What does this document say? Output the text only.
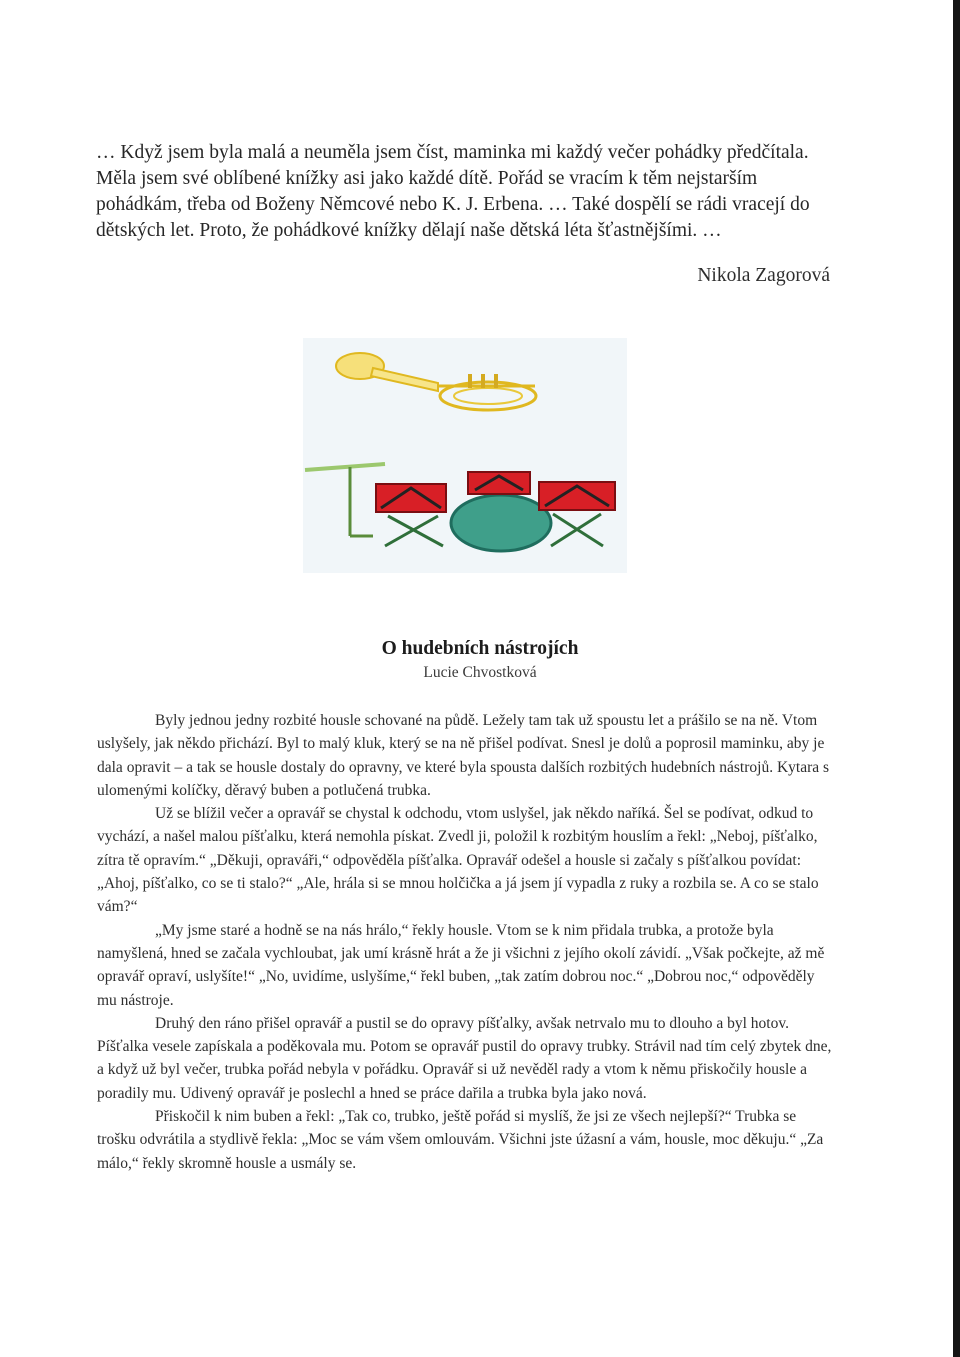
… Když jsem byla malá a neuměla jsem číst, maminka mi každý večer pohádky předčítala. Měla jsem své oblíbené knížky asi jako každé dítě. Pořád se vracím k těm nejstarším pohádkám, třeba od Boženy Němcové nebo K. J. Erbena. … Také dospělí se rádi vracejí do dětských let. Proto, že pohádkové knížky dělají naše dětská léta šťastnějšími. …

Nikola Zagorová
O hudebních nástrojích
Lucie Chvostková

Byly jednou jedny rozbité housle schované na půdě. Ležely tam tak už spoustu let a prášilo se na ně. Vtom uslyšely, jak někdo přichází. Byl to malý kluk, který se na ně přišel podívat. Snesl je dolů a poprosil maminku, aby je dala opravit – a tak se housle dostaly do opravny, ve které byla spousta dalších rozbitých hudebních nástrojů. Kytara s ulomenými kolíčky, děravý buben a potlučená trubka.

Už se blížil večer a opravář se chystal k odchodu, vtom uslyšel, jak někdo naříká. Šel se podívat, odkud to vychází, a našel malou píšťalku, která nemohla pískat. Zvedl ji, položil k rozbitým houslím a řekl: „Neboj, píšťalko, zítra tě opravím.“ „Děkuji, opraváři,“ odpověděla píšťalka. Opravář odešel a housle si začaly s píšťalkou povídat: „Ahoj, píšťalko, co se ti stalo?“ „Ale, hrála si se mnou holčička a já jsem jí vypadla z ruky a rozbila se. A co se stalo vám?“

„My jsme staré a hodně se na nás hrálo,“ řekly housle. Vtom se k nim přidala trubka, a protože byla namyšlená, hned se začala vychloubat, jak umí krásně hrát a že ji všichni z jejího okolí závidí. „Však počkejte, až mě opravář opraví, uslyšíte!“ „No, uvidíme, uslyšíme,“ řekl buben, „tak zatím dobrou noc.“ „Dobrou noc,“ odpověděly mu nástroje.

Druhý den ráno přišel opravář a pustil se do opravy píšťalky, avšak netrvalo mu to dlouho a byl hotov. Píšťalka vesele zapískala a poděkovala mu. Potom se opravář pustil do opravy trubky. Strávil nad tím celý zbytek dne, a když už byl večer, trubka pořád nebyla v pořádku. Opravář si už nevěděl rady a vtom k němu přiskočily housle a poradily mu. Udivený opravář je poslechl a hned se práce dařila a trubka byla jako nová.

Přiskočil k nim buben a řekl: „Tak co, trubko, ještě pořád si myslíš, že jsi ze všech nejlepší?“ Trubka se trošku odvrátila a stydlivě řekla: „Moc se vám všem omlouvám. Všichni jste úžasní a vám, housle, moc děkuju.“ „Za málo,“ řekly skromně housle a usmály se.
